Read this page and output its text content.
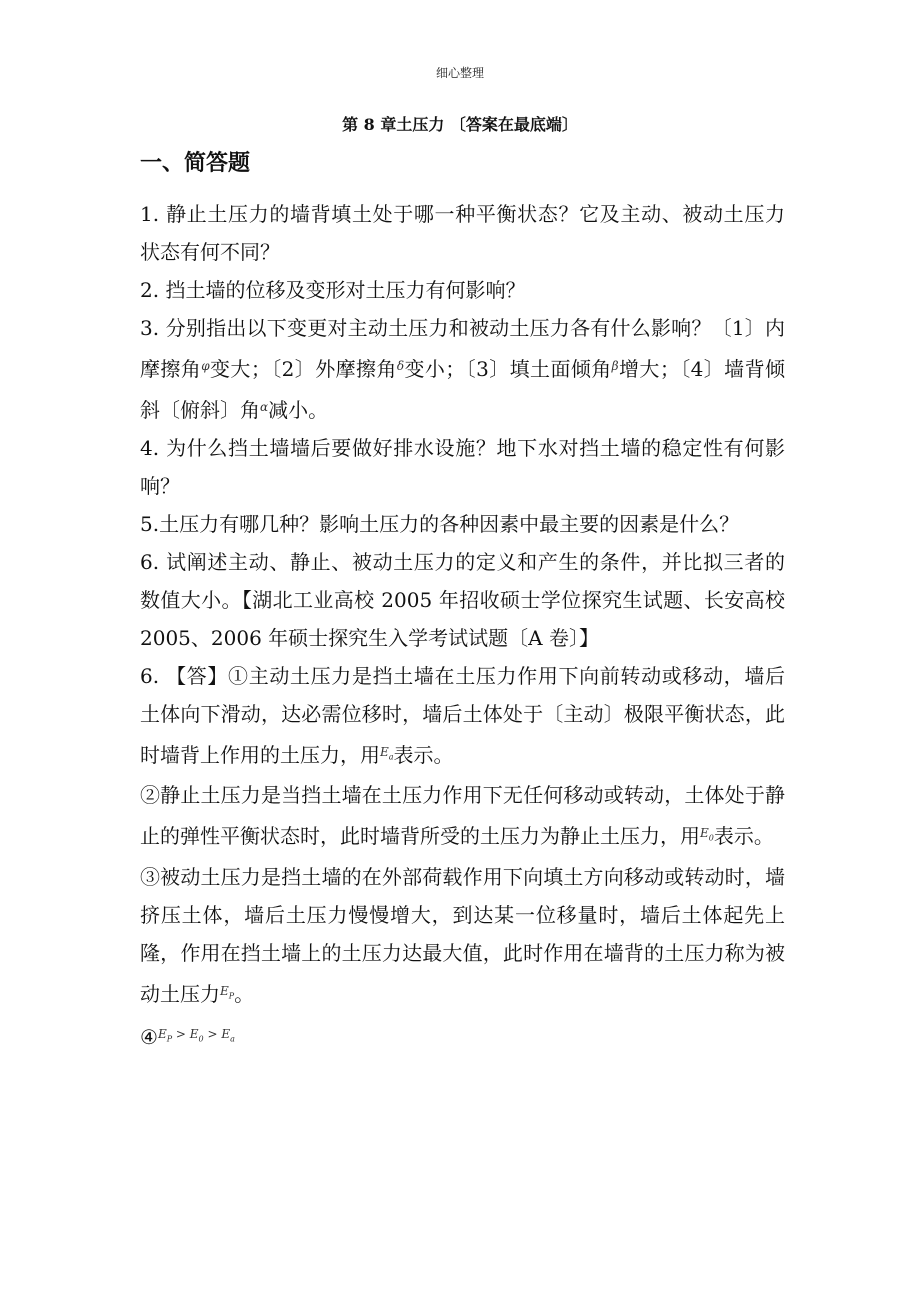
细心整理
第 8 章土压力 〔答案在最底端〕
一、简答题

1. 静止土压力的墙背填土处于哪一种平衡状态？它及主动、被动土压力状态有何不同？

2. 挡土墙的位移及变形对土压力有何影响？

3. 分别指出以下变更对主动土压力和被动土压力各有什么影响？〔1〕内摩擦角$^\varphi$变大；〔2〕外摩擦角$^\delta$变小；〔3〕填土面倾角$^\beta$增大；〔4〕墙背倾斜〔俯斜〕角$^\alpha$减小。

4. 为什么挡土墙墙后要做好排水设施？地下水对挡土墙的稳定性有何影响？

5.土压力有哪几种？影响土压力的各种因素中最主要的因素是什么？

6. 试阐述主动、静止、被动土压力的定义和产生的条件，并比拟三者的数值大小。【湖北工业高校 2005 年招收硕士学位探究生试题、长安高校 2005、2006 年硕士探究生入学考试试题〔A 卷〕】

6. 【答】①主动土压力是挡土墙在土压力作用下向前转动或移动，墙后土体向下滑动，达必需位移时，墙后土体处于〔主动〕极限平衡状态，此时墙背上作用的土压力，用$^{E_a}$表示。

②静止土压力是当挡土墙在土压力作用下无任何移动或转动，土体处于静止的弹性平衡状态时，此时墙背所受的土压力为静止土压力，用$^{E_0}$表示。

③被动土压力是挡土墙的在外部荷载作用下向填土方向移动或转动时，墙挤压土体，墙后土压力慢慢增大，到达某一位移量时，墙后土体起先上隆，作用在挡土墙上的土压力达最大值，此时作用在墙背的土压力称为被动土压力$^{E_P}$。

④$^{E_P > E_0 > E_a}$
